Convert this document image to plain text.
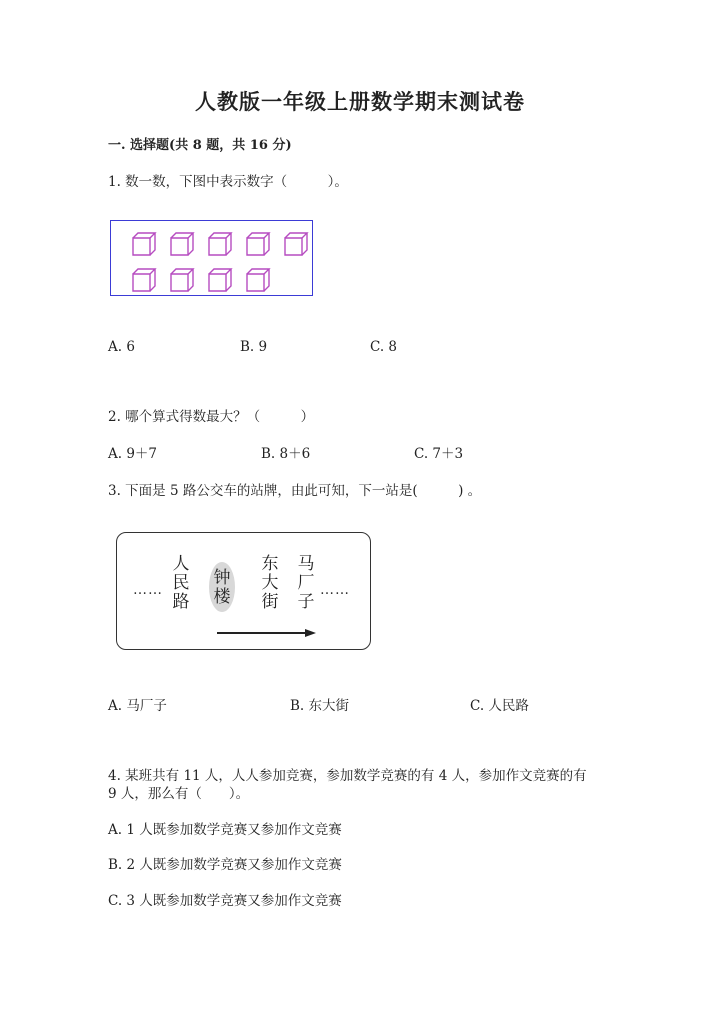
人教版一年级上册数学期末测试卷
一. 选择题(共 8 题，共 16 分)
1. 数一数，下图中表示数字（　　　）。
A. 6	B. 9	C. 8
2. 哪个算式得数最大？（　　　）
A. 9＋7	B. 8＋6	C. 7＋3
3. 下面是 5 路公交车的站牌，由此可知，下一站是(　　　) 。
……
人
民
路
钟
楼
东
大
街
马
厂
子
……
A. 马厂子	B. 东大街	C. 人民路
4. 某班共有 11 人，人人参加竞赛，参加数学竞赛的有 4 人，参加作文竞赛的有
9 人，那么有（　　）。
A. 1 人既参加数学竞赛又参加作文竞赛
B. 2 人既参加数学竞赛又参加作文竞赛
C. 3 人既参加数学竞赛又参加作文竞赛
